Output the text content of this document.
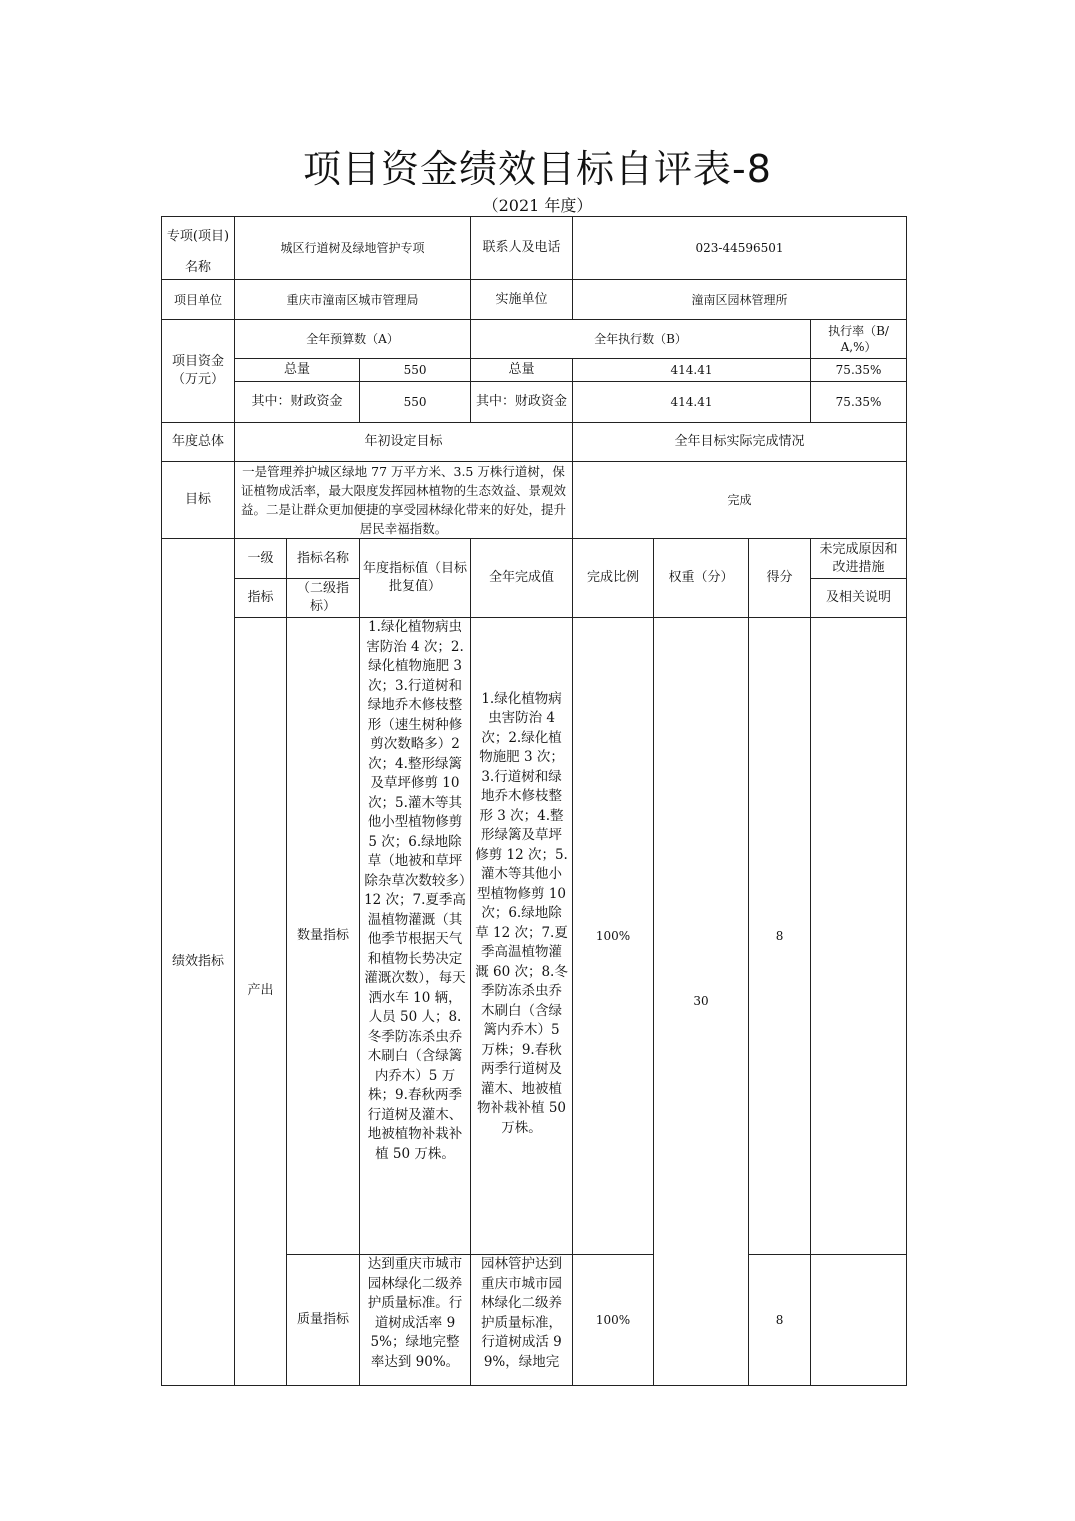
项目资金绩效目标自评表-8
（2021 年度）
专项(项目)	城区行道树及绿地管护专项			联系人及电话	023-44596501			
名称								
项目单位	重庆市潼南区城市管理局			实施单位	潼南区园林管理所			
项目资金（万元）	全年预算数（A）			全年执行数（B）				执行率（B/A,%）
	总量		550	总量	414.41			75.35%
	其中：财政资金		550	其中：财政资金	414.41			75.35%
年度总体	年初设定目标				全年目标实际完成情况			
目标	一是管理养护城区绿地 77 万平方米、3.5 万株行道树，保证植物成活率，最大限度发挥园林植物的生态效益、景观效益。二是让群众更加便捷的享受园林绿化带来的好处，提升居民幸福指数。				完成			
绩效指标	一级	指标名称	年度指标值（目标批复值）	全年完成值	完成比例	权重（分）	得分	未完成原因和改进措施
	指标	（二级指标）						及相关说明
	产出	数量指标	1.绿化植物病虫害防治 4 次；2.绿化植物施肥 3 次；3.行道树和绿地乔木修枝整形（速生树种修剪次数略多）2 次；4.整形绿篱及草坪修剪 10 次；5.灌木等其他小型植物修剪 5 次；6.绿地除草（地被和草坪除杂草次数较多）12 次；7.夏季高温植物灌溉（其他季节根据天气和植物长势决定灌溉次数），每天洒水车 10 辆，人员 50 人；8.冬季防冻杀虫乔木刷白（含绿篱内乔木）5 万株；9.春秋两季行道树及灌木、地被植物补栽补植 50 万株。	1.绿化植物病虫害防治 4 次；2.绿化植物施肥 3 次；3.行道树和绿地乔木修枝整形 3 次；4.整形绿篱及草坪修剪 12 次；5.灌木等其他小型植物修剪 10 次；6.绿地除草 12 次；7.夏季高温植物灌溉 60 次；8.冬季防冻杀虫乔木刷白（含绿篱内乔木）5 万株；9.春秋两季行道树及灌木、地被植物补栽补植 50 万株。	100%	30	8	
		质量指标	达到重庆市城市园林绿化二级养护质量标准。行道树成活率 95%；绿地完整率达到 90%。	园林管护达到重庆市城市园林绿化二级养护质量标准，行道树成活 99%，绿地完	100%		8	
